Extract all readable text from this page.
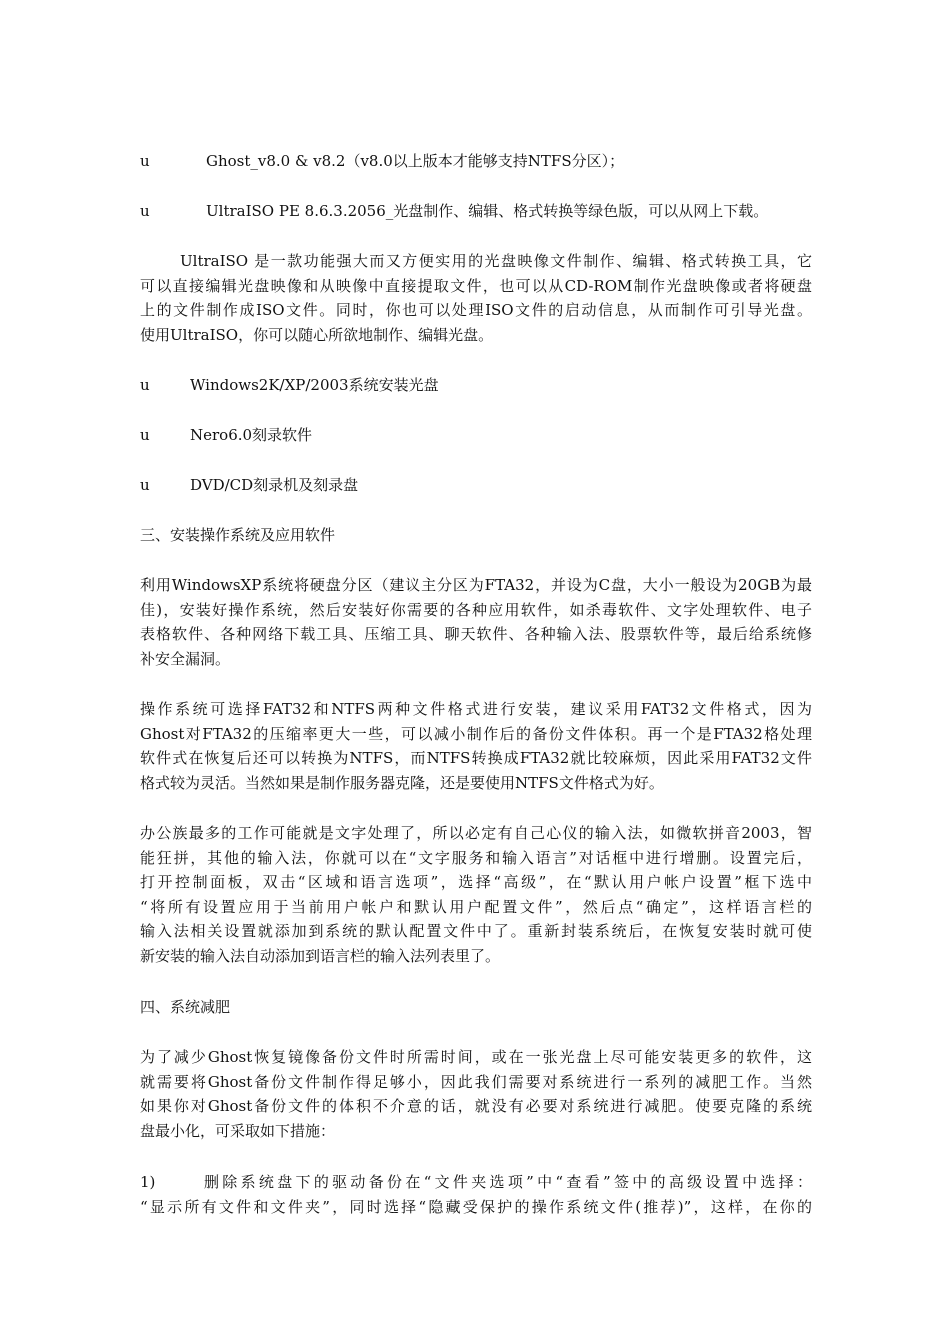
u	Ghost_v8.0 & v8.2（v8.0以上版本才能够支持NTFS分区）；
u	UltraISO PE 8.6.3.2056_光盘制作、编辑、格式转换等绿色版，可以从网上下载。
UltraISO 是一款功能强大而又方便实用的光盘映像文件制作、编辑、格式转换工具，它
可以直接编辑光盘映像和从映像中直接提取文件，也可以从CD-ROM制作光盘映像或者将硬盘
上的文件制作成ISO文件。同时，你也可以处理ISO文件的启动信息，从而制作可引导光盘。
使用UltraISO，你可以随心所欲地制作、编辑光盘。
u	Windows2K/XP/2003系统安装光盘
u	Nero6.0刻录软件
u	DVD/CD刻录机及刻录盘
三、安装操作系统及应用软件
利用WindowsXP系统将硬盘分区（建议主分区为FTA32，并设为C盘，大小一般设为20GB为最
佳)，安装好操作系统，然后安装好你需要的各种应用软件，如杀毒软件、文字处理软件、电子
表格软件、各种网络下载工具、压缩工具、聊天软件、各种输入法、股票软件等，最后给系统修
补安全漏洞。
操作系统可选择FAT32和NTFS两种文件格式进行安装，建议采用FAT32文件格式，因为
Ghost对FTA32的压缩率更大一些，可以减小制作后的备份文件体积。再一个是FTA32格处理
软件式在恢复后还可以转换为NTFS，而NTFS转换成FTA32就比较麻烦，因此采用FAT32文件
格式较为灵活。当然如果是制作服务器克隆，还是要使用NTFS文件格式为好。
办公族最多的工作可能就是文字处理了，所以必定有自己心仪的输入法，如微软拼音2003，智
能狂拼，其他的输入法，你就可以在“文字服务和输入语言”对话框中进行增删。设置完后，
打开控制面板，双击“区域和语言选项”，选择“高级”，在“默认用户帐户设置”框下选中
“将所有设置应用于当前用户帐户和默认用户配置文件”，然后点“确定”，这样语言栏的
输入法相关设置就添加到系统的默认配置文件中了。重新封装系统后，在恢复安装时就可使
新安装的输入法自动添加到语言栏的输入法列表里了。
四、系统减肥
为了减少Ghost恢复镜像备份文件时所需时间，或在一张光盘上尽可能安装更多的软件，这
就需要将Ghost备份文件制作得足够小，因此我们需要对系统进行一系列的减肥工作。当然
如果你对Ghost备份文件的体积不介意的话，就没有必要对系统进行减肥。使要克隆的系统
盘最小化，可采取如下措施：
1)	删除系统盘下的驱动备份在“文件夹选项”中“查看”签中的高级设置中选择：
“显示所有文件和文件夹”，同时选择“隐藏受保护的操作系统文件(推荐)”，这样，在你的
